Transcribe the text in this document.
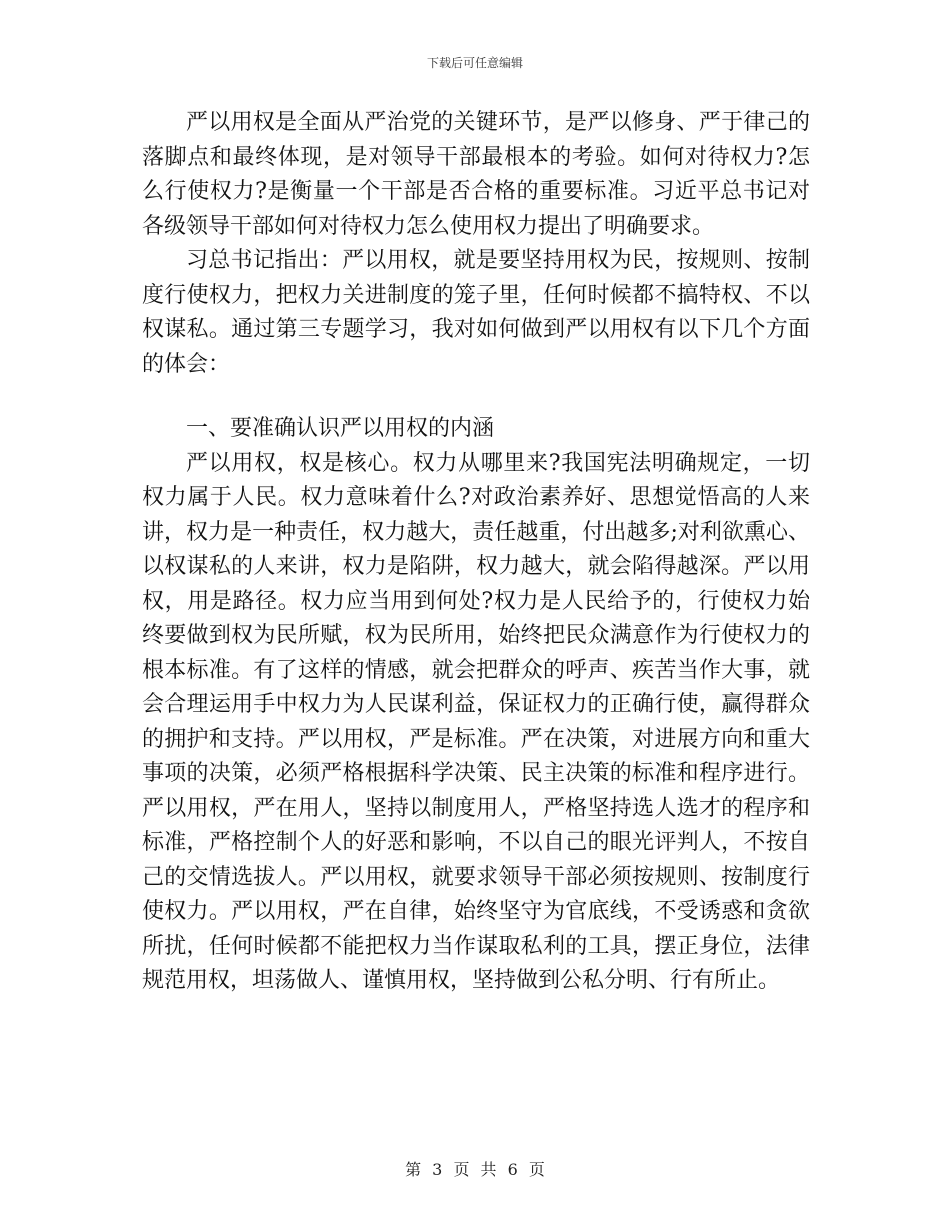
下载后可任意编辑

严以用权是全面从严治党的关键环节，是严以修身、严于律己的落脚点和最终体现，是对领导干部最根本的考验。如何对待权力?怎么行使权力?是衡量一个干部是否合格的重要标准。习近平总书记对各级领导干部如何对待权力怎么使用权力提出了明确要求。

习总书记指出：严以用权，就是要坚持用权为民，按规则、按制度行使权力，把权力关进制度的笼子里，任何时候都不搞特权、不以权谋私。通过第三专题学习，我对如何做到严以用权有以下几个方面的体会：

一、要准确认识严以用权的内涵

严以用权，权是核心。权力从哪里来?我国宪法明确规定，一切权力属于人民。权力意味着什么?对政治素养好、思想觉悟高的人来讲，权力是一种责任，权力越大，责任越重，付出越多;对利欲熏心、以权谋私的人来讲，权力是陷阱，权力越大，就会陷得越深。严以用权，用是路径。权力应当用到何处?权力是人民给予的，行使权力始终要做到权为民所赋，权为民所用，始终把民众满意作为行使权力的根本标准。有了这样的情感，就会把群众的呼声、疾苦当作大事，就会合理运用手中权力为人民谋利益，保证权力的正确行使，赢得群众的拥护和支持。严以用权，严是标准。严在决策，对进展方向和重大事项的决策，必须严格根据科学决策、民主决策的标准和程序进行。严以用权，严在用人，坚持以制度用人，严格坚持选人选才的程序和标准，严格控制个人的好恶和影响，不以自己的眼光评判人，不按自己的交情选拔人。严以用权，就要求领导干部必须按规则、按制度行使权力。严以用权，严在自律，始终坚守为官底线，不受诱惑和贪欲所扰，任何时候都不能把权力当作谋取私利的工具，摆正身位，法律规范用权，坦荡做人、谨慎用权，坚持做到公私分明、行有所止。

第 3 页 共 6 页
